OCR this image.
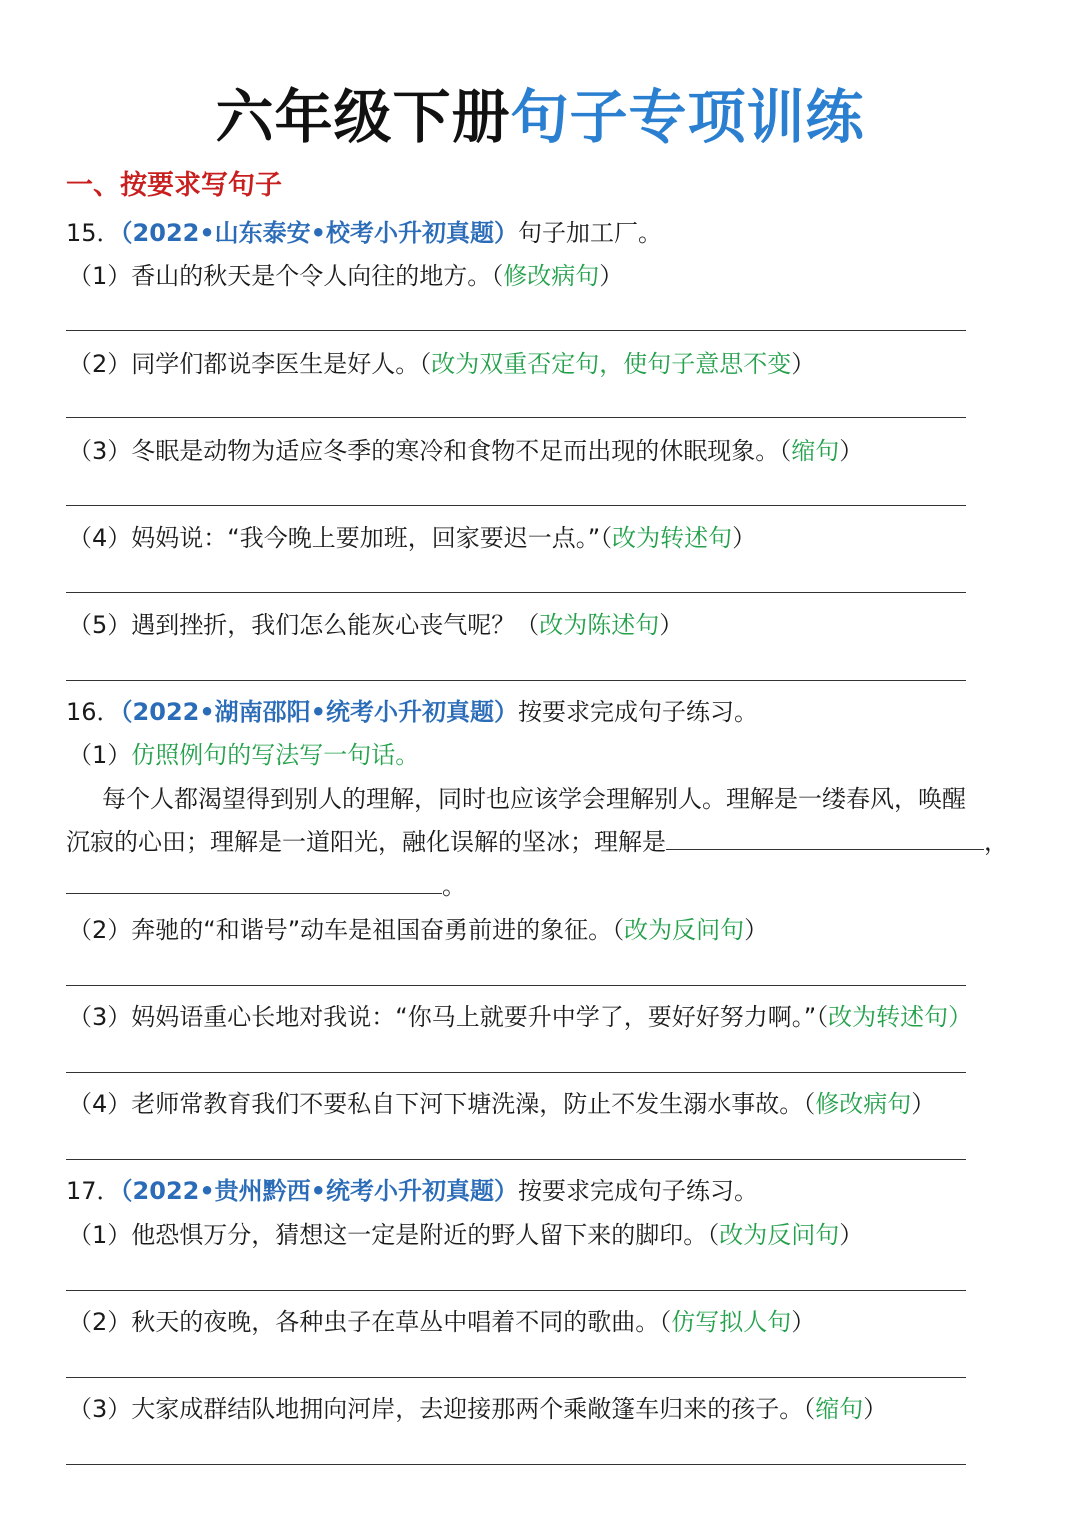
六年级下册句子专项训练
一、按要求写句子
15．（2022•山东泰安•校考小升初真题）句子加工厂。
（1）香山的秋天是个令人向往的地方。（修改病句）
（2）同学们都说李医生是好人。（改为双重否定句，使句子意思不变）
（3）冬眠是动物为适应冬季的寒冷和食物不足而出现的休眠现象。（缩句）
（4）妈妈说：“我今晚上要加班，回家要迟一点。”（改为转述句）
（5）遇到挫折，我们怎么能灰心丧气呢？（改为陈述句）
16．（2022•湖南邵阳•统考小升初真题）按要求完成句子练习。
（1）仿照例句的写法写一句话。
每个人都渴望得到别人的理解，同时也应该学会理解别人。理解是一缕春风，唤醒
沉寂的心田；理解是一道阳光，融化误解的坚冰；理解是	，
。
（2）奔驰的“和谐号”动车是祖国奋勇前进的象征。（改为反问句）
（3）妈妈语重心长地对我说：“你马上就要升中学了，要好好努力啊。”（改为转述句）
（4）老师常教育我们不要私自下河下塘洗澡，防止不发生溺水事故。（修改病句）
17．（2022•贵州黔西•统考小升初真题）按要求完成句子练习。
（1）他恐惧万分，猜想这一定是附近的野人留下来的脚印。（改为反问句）
（2）秋天的夜晚，各种虫子在草丛中唱着不同的歌曲。（仿写拟人句）
（3）大家成群结队地拥向河岸，去迎接那两个乘敞篷车归来的孩子。（缩句）
